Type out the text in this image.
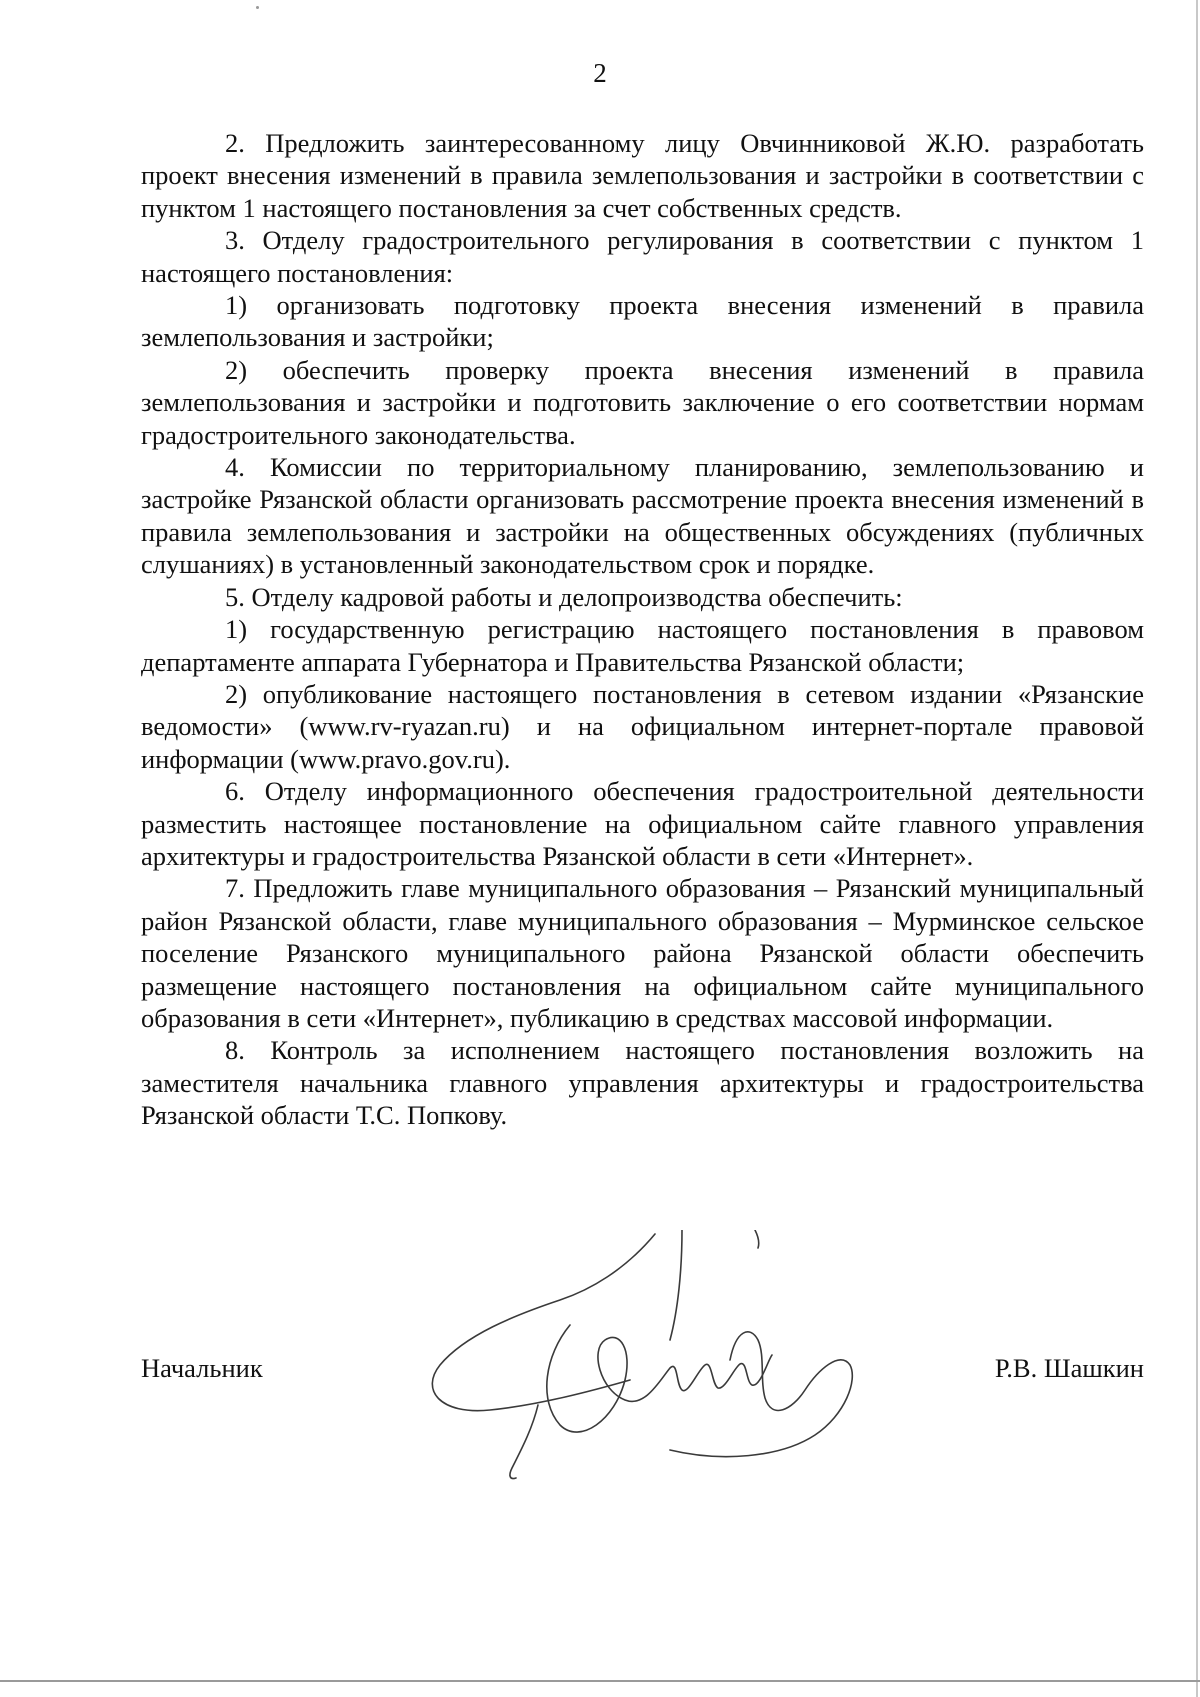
2

2. Предложить заинтересованному лицу Овчинниковой Ж.Ю. разработать проект внесения изменений в правила землепользования и застройки в соответствии с пунктом 1 настоящего постановления за счет собственных средств.

3. Отделу градостроительного регулирования в соответствии с пунктом 1 настоящего постановления:

1) организовать подготовку проекта внесения изменений в правила землепользования и застройки;

2) обеспечить проверку проекта внесения изменений в правила землепользования и застройки и подготовить заключение о его соответствии нормам градостроительного законодательства.

4. Комиссии по территориальному планированию, землепользованию и застройке Рязанской области организовать рассмотрение проекта внесения изменений в правила землепользования и застройки на общественных обсуждениях (публичных слушаниях) в установленный законодательством срок и порядке.

5. Отделу кадровой работы и делопроизводства обеспечить:

1) государственную регистрацию настоящего постановления в правовом департаменте аппарата Губернатора и Правительства Рязанской области;

2) опубликование настоящего постановления в сетевом издании «Рязанские ведомости» (www.rv-ryazan.ru) и на официальном интернет-портале правовой информации (www.pravo.gov.ru).

6. Отделу информационного обеспечения градостроительной деятельности разместить настоящее постановление на официальном сайте главного управления архитектуры и градостроительства Рязанской области в сети «Интернет».

7. Предложить главе муниципального образования – Рязанский муниципальный район Рязанской области, главе муниципального образования – Мурминское сельское поселение Рязанского муниципального района Рязанской области обеспечить размещение настоящего постановления на официальном сайте муниципального образования в сети «Интернет», публикацию в средствах массовой информации.

8. Контроль за исполнением настоящего постановления возложить на заместителя начальника главного управления архитектуры и градостроительства Рязанской области Т.С. Попкову.

Начальник	Р.В. Шашкин
